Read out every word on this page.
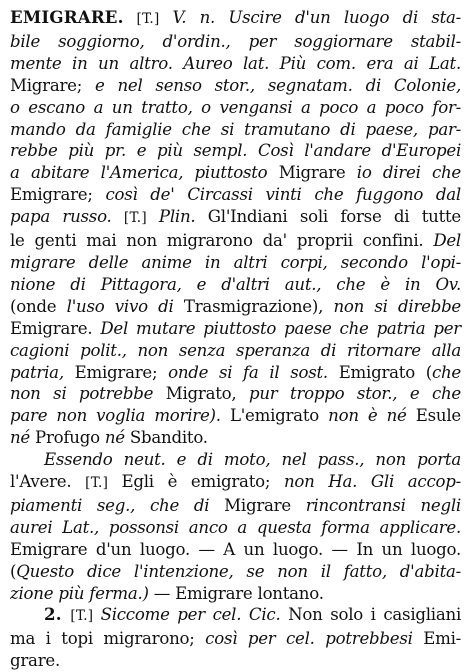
EMIGRARE. [T.] V. n. Uscire d'un luogo di sta-
bile soggiorno, d'ordin., per soggiornare stabil-
mente in un altro. Aureo lat. Più com. era ai Lat.
Migrare; e nel senso stor., segnatam. di Colonie,
o escano a un tratto, o vengansi a poco a poco for-
mando da famiglie che si tramutano di paese, par-
rebbe più pr. e più sempl. Così l'andare d'Europei
a abitare l'America, piuttosto Migrare io direi che
Emigrare; così de' Circassi vinti che fuggono dal
papa russo. [T.] Plin. Gl'Indiani soli forse di tutte
le genti mai non migrarono da' proprii confini. Del
migrare delle anime in altri corpi, secondo l'opi-
nione di Pittagora, e d'altri aut., che è in Ov.
(onde l'uso vivo di Trasmigrazione), non si direbbe
Emigrare. Del mutare piuttosto paese che patria per
cagioni polit., non senza speranza di ritornare alla
patria, Emigrare; onde si fa il sost. Emigrato (che
non si potrebbe Migrato, pur troppo stor., e che
pare non voglia morire). L'emigrato non è né Esule
né Profugo né Sbandito.
Essendo neut. e di moto, nel pass., non porta
l'Avere. [T.] Egli è emigrato; non Ha. Gli accop-
piamenti seg., che di Migrare rincontransi negli
aurei Lat., possonsi anco a questa forma applicare.
Emigrare d'un luogo. — A un luogo. — In un luogo.
(Questo dice l'intenzione, se non il fatto, d'abita-
zione più ferma.) — Emigrare lontano.
2. [T.] Siccome per cel. Cic. Non solo i casigliani
ma i topi migrarono; così per cel. potrebbesi Emi-
grare.
